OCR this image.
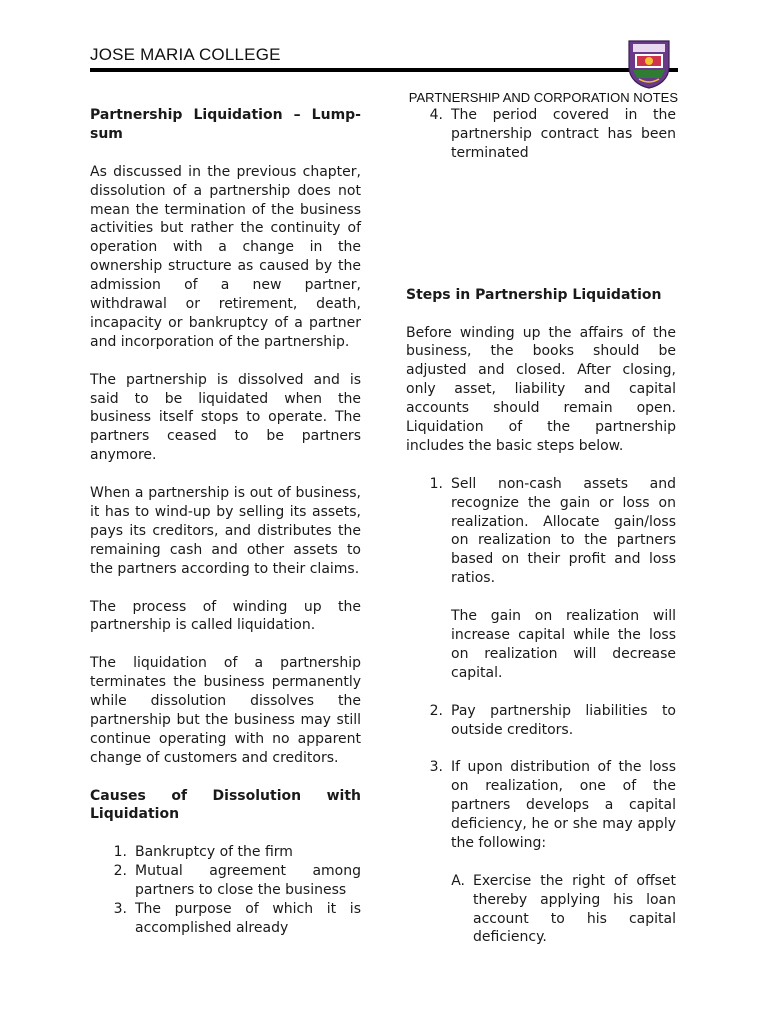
JOSE MARIA COLLEGE
PARTNERSHIP AND CORPORATION NOTES

Partnership Liquidation – Lump-sum

As discussed in the previous chapter, dissolution of a partnership does not mean the termination of the business activities but rather the continuity of operation with a change in the ownership structure as caused by the admission of a new partner, withdrawal or retirement, death, incapacity or bankruptcy of a partner and incorporation of the partnership.

The partnership is dissolved and is said to be liquidated when the business itself stops to operate. The partners ceased to be partners anymore.

When a partnership is out of business, it has to wind-up by selling its assets, pays its creditors, and distributes the remaining cash and other assets to the partners according to their claims.

The process of winding up the partnership is called liquidation.

The liquidation of a partnership terminates the business permanently while dissolution dissolves the partnership but the business may still continue operating with no apparent change of customers and creditors.

Causes of Dissolution with Liquidation

1. Bankruptcy of the firm
2. Mutual agreement among partners to close the business
3. The purpose of which it is accomplished already
4. The period covered in the partnership contract has been terminated

Steps in Partnership Liquidation

Before winding up the affairs of the business, the books should be adjusted and closed. After closing, only asset, liability and capital accounts should remain open. Liquidation of the partnership includes the basic steps below.

1. Sell non-cash assets and recognize the gain or loss on realization. Allocate gain/loss on realization to the partners based on their profit and loss ratios.
The gain on realization will increase capital while the loss on realization will decrease capital.
2. Pay partnership liabilities to outside creditors.
3. If upon distribution of the loss on realization, one of the partners develops a capital deficiency, he or she may apply the following:
A. Exercise the right of offset thereby applying his loan account to his capital deficiency.
